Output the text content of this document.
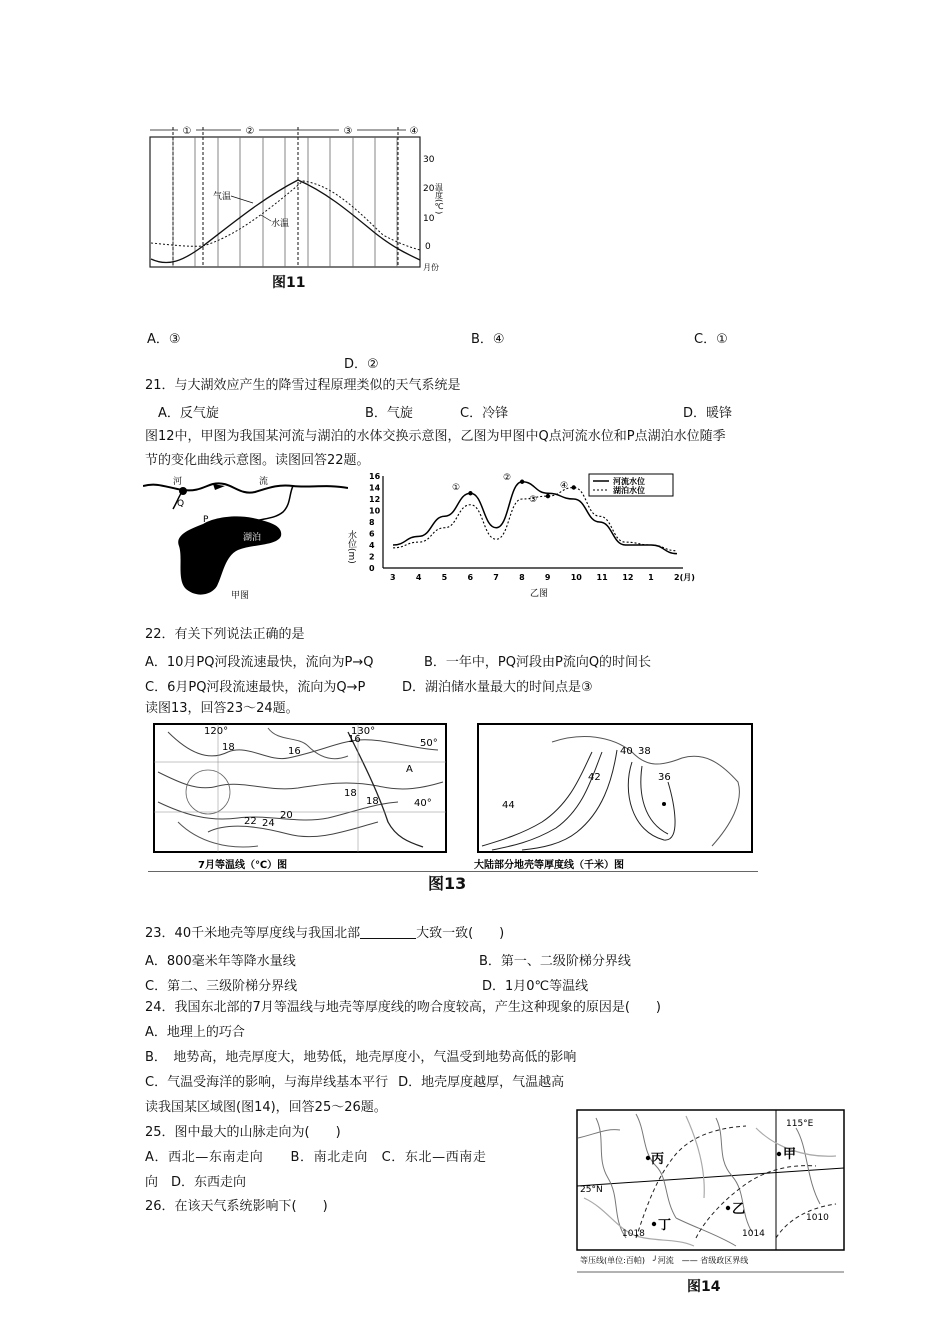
①	②	③	④
30
20
10
0
温度(℃)
月份
气温
水温
图11
A．③	B．④	C．①
D．②
21．与大湖效应产生的降雪过程原理类似的天气系统是
A．反气旋	B．气旋	C．冷锋	D．暖锋
图12中，甲图为我国某河流与湖泊的水体交换示意图，乙图为甲图中Q点河流水位和P点湖泊水位随季
节的变化曲线示意图。读图回答22题。
河	流
Q
P
湖泊
甲图
16
14
12
10
8
6
4
2
0
3	4	5	6	7	8	9	10 11 12 1	2(月)
河流水位
湖泊水位
水位(m)
乙图
①
②
③
④
22．有关下列说法正确的是
A．10月PQ河段流速最快，流向为P→Q	B．一年中，PQ河段由P流向Q的时间长
C．6月PQ河段流速最快，流向为Q→P	D．湖泊储水量最大的时间点是③
读图13，回答23～24题。
120°	130°
50°
40°
18	16
16
18
18
20
22 24
A
7月等温线（℃）图
40 38
42	36
44
大陆部分地壳等厚度线（千米）图
图13
23．40千米地壳等厚度线与我国北部	大致一致(　　)
A．800毫米年等降水量线	B．第一、二级阶梯分界线
C．第二、三级阶梯分界线	D．1月0℃等温线
24．我国东北部的7月等温线与地壳等厚度线的吻合度较高，产生这种现象的原因是(　　)
A．地理上的巧合
B．　地势高，地壳厚度大，地势低，地壳厚度小，气温受到地势高低的影响
C．气温受海洋的影响，与海岸线基本平行 D．地壳厚度越厚，气温越高
读我国某区域图(图14)，回答25～26题。
25．图中最大的山脉走向为(　　)
A．西北—东南走向　　B．南北走向　C．东北—西南走
向　D．东西走向
26．在该天气系统影响下(　　)
115°E
25°N
甲
乙
丙
丁
1018	1014
1010
等压线(单位:百帕)　╯河流　—— 省级政区界线
图14
